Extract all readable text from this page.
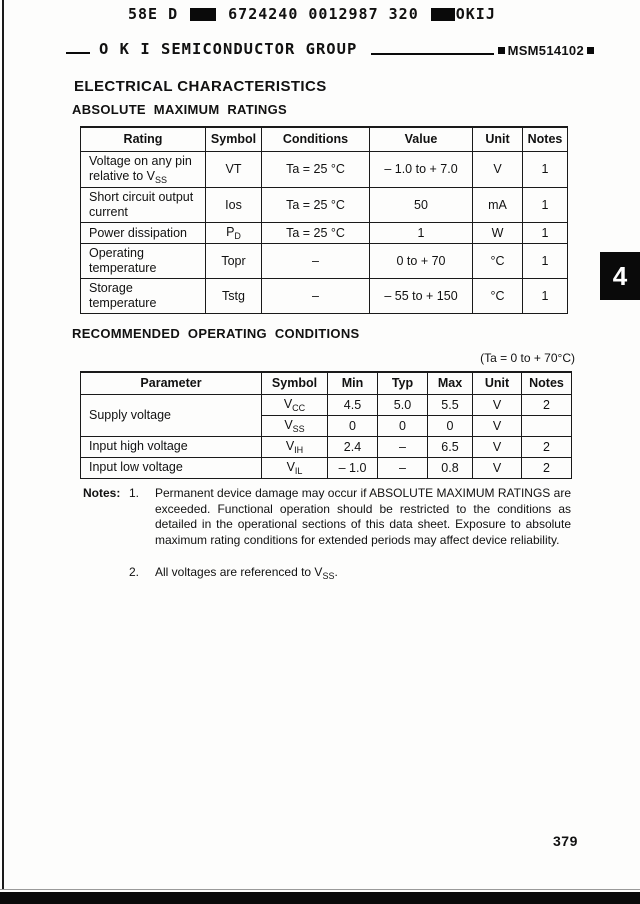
58E D	6724240 0012987 320 OKIJ
O K I SEMICONDUCTOR GROUP	MSM514102
ELECTRICAL CHARACTERISTICS
ABSOLUTE MAXIMUM RATINGS
Rating	Symbol	Conditions	Value	Unit	Notes
Voltage on any pin
relative to $V_{SS}$	VT	Ta = 25 °C	– 1.0 to + 7.0	V	1
Short circuit output
current	Ios	Ta = 25 °C	50	mA	1
Power dissipation	$P_D$	Ta = 25 °C	1	W	1
Operating
temperature	Topr	–	0 to + 70	°C	1
Storage temperature	Tstg	–	– 55 to + 150	°C	1
RECOMMENDED OPERATING CONDITIONS
(Ta = 0 to + 70°C)
Parameter	Symbol	Min	Typ	Max	Unit	Notes
Supply voltage	$V_{CC}$	4.5	5.0	5.5	V	2
	$V_{SS}$	0	0	0	V	
Input high voltage	$V_{IH}$	2.4	–	6.5	V	2
Input low voltage	$V_{IL}$	– 1.0	–	0.8	V	2
Notes: 1.	Permanent device damage may occur if ABSOLUTE MAXIMUM RATINGS are exceeded. Functional operation should be restricted to the conditions as detailed in the operational sections of this data sheet. Exposure to absolute maximum rating conditions for extended periods may affect device reliability.
2.	All voltages are referenced to $V_{SS}$.
4
379
